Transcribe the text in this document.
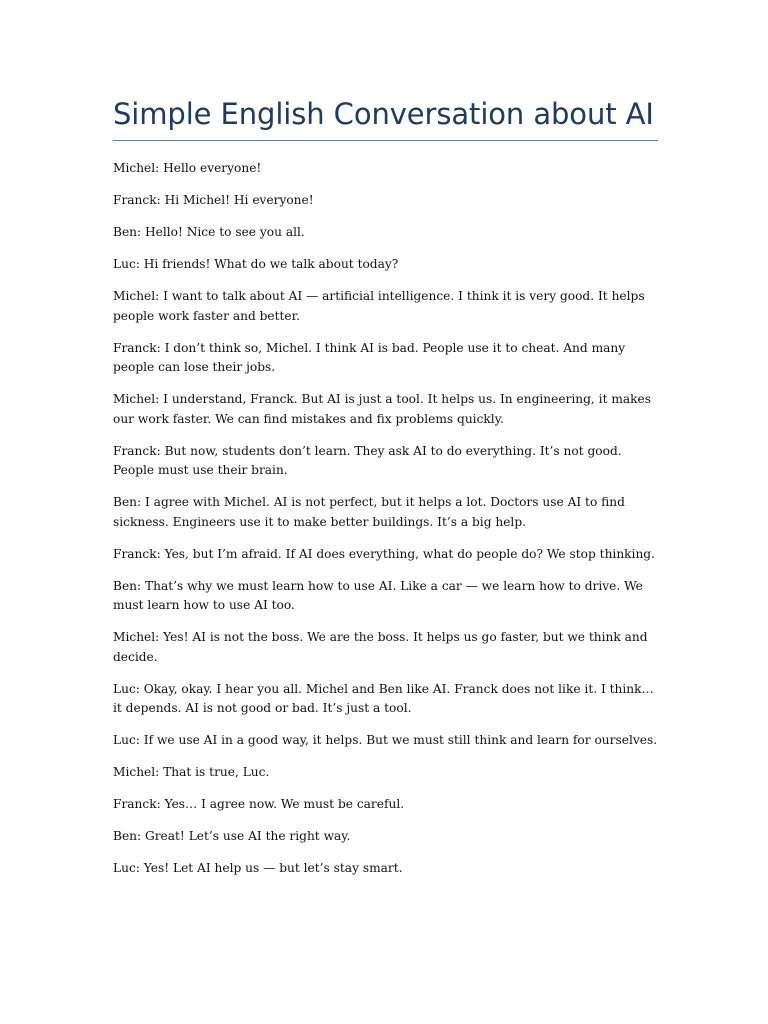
Simple English Conversation about AI

Michel: Hello everyone!

Franck: Hi Michel! Hi everyone!

Ben: Hello! Nice to see you all.

Luc: Hi friends! What do we talk about today?

Michel: I want to talk about AI — artificial intelligence. I think it is very good. It helps people work faster and better.

Franck: I don’t think so, Michel. I think AI is bad. People use it to cheat. And many people can lose their jobs.

Michel: I understand, Franck. But AI is just a tool. It helps us. In engineering, it makes our work faster. We can find mistakes and fix problems quickly.

Franck: But now, students don’t learn. They ask AI to do everything. It’s not good. People must use their brain.

Ben: I agree with Michel. AI is not perfect, but it helps a lot. Doctors use AI to find sickness. Engineers use it to make better buildings. It’s a big help.

Franck: Yes, but I’m afraid. If AI does everything, what do people do? We stop thinking.

Ben: That’s why we must learn how to use AI. Like a car — we learn how to drive. We must learn how to use AI too.

Michel: Yes! AI is not the boss. We are the boss. It helps us go faster, but we think and decide.

Luc: Okay, okay. I hear you all. Michel and Ben like AI. Franck does not like it. I think… it depends. AI is not good or bad. It’s just a tool.

Luc: If we use AI in a good way, it helps. But we must still think and learn for ourselves.

Michel: That is true, Luc.

Franck: Yes… I agree now. We must be careful.

Ben: Great! Let’s use AI the right way.

Luc: Yes! Let AI help us — but let’s stay smart.
